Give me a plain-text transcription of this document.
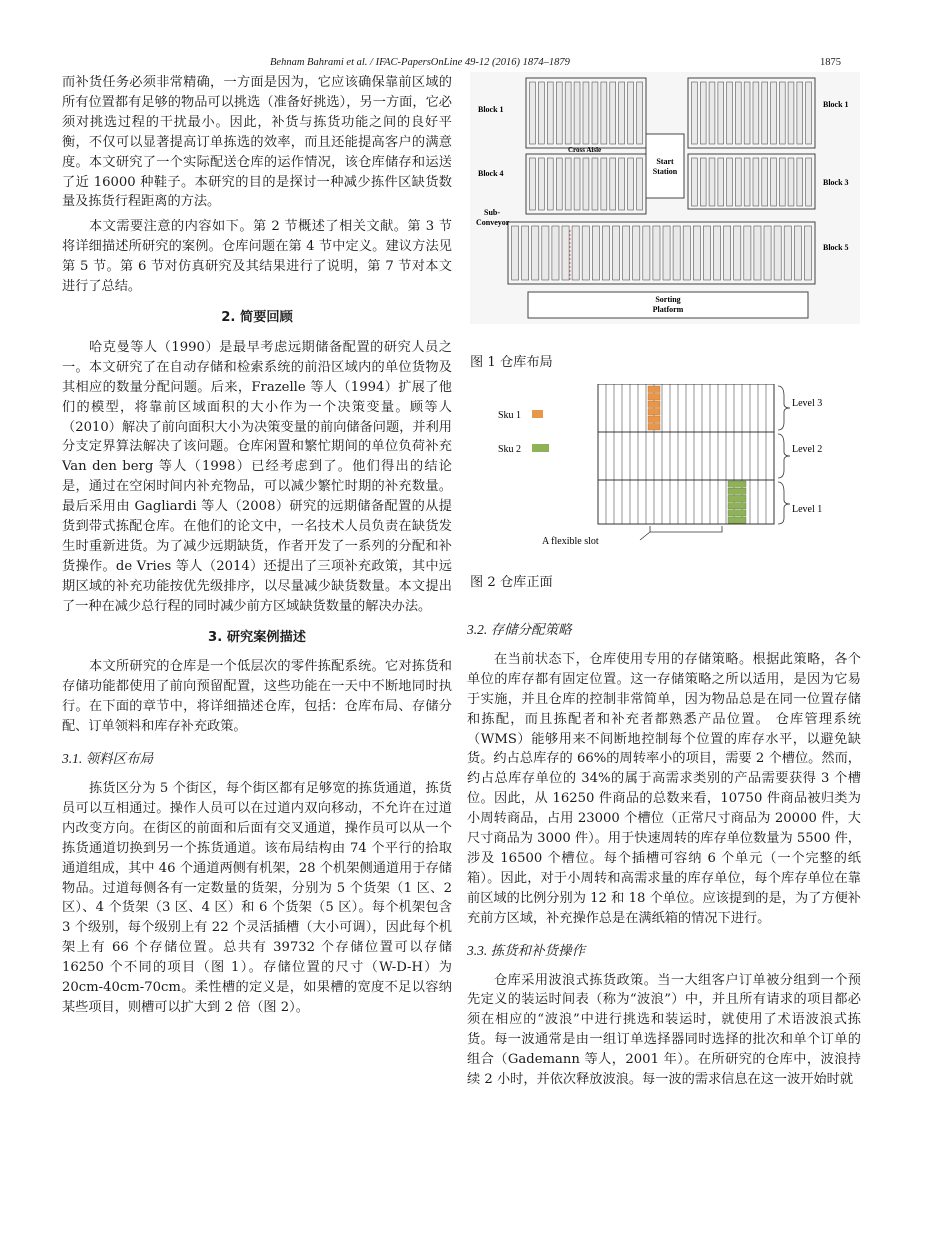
Behnam Bahrami et al. / IFAC-PapersOnLine 49-12 (2016) 1874–1879	1875

而补货任务必须非常精确，一方面是因为，它应该确保靠前区域的所有位置都有足够的物品可以挑选（准备好挑选），另一方面，它必须对挑选过程的干扰最小。因此，补货与拣货功能之间的良好平衡，不仅可以显著提高订单拣选的效率，而且还能提高客户的满意度。本文研究了一个实际配送仓库的运作情况，该仓库储存和运送了近 16000 种鞋子。本研究的目的是探讨一种减少拣件区缺货数量及拣货行程距离的方法。

本文需要注意的内容如下。第 2 节概述了相关文献。第 3 节将详细描述所研究的案例。仓库问题在第 4 节中定义。建议方法见第 5 节。第 6 节对仿真研究及其结果进行了说明，第 7 节对本文进行了总结。

2. 简要回顾

哈克曼等人（1990）是最早考虑远期储备配置的研究人员之一。本文研究了在自动存储和检索系统的前沿区域内的单位货物及其相应的数量分配问题。后来，Frazelle 等人（1994）扩展了他们的模型，将靠前区域面积的大小作为一个决策变量。顾等人（2010）解决了前向面积大小为决策变量的前向储备问题，并利用分支定界算法解决了该问题。仓库闲置和繁忙期间的单位负荷补充 Van den berg 等人（1998）已经考虑到了。他们得出的结论是，通过在空闲时间内补充物品，可以减少繁忙时期的补充数量。最后采用由 Gagliardi 等人（2008）研究的远期储备配置的从提货到带式拣配仓库。在他们的论文中，一名技术人员负责在缺货发生时重新进货。为了减少远期缺货，作者开发了一系列的分配和补货操作。de Vries 等人（2014）还提出了三项补充政策，其中远期区域的补充功能按优先级排序，以尽量减少缺货数量。本文提出了一种在减少总行程的同时减少前方区域缺货数量的解决办法。

3. 研究案例描述

本文所研究的仓库是一个低层次的零件拣配系统。它对拣货和存储功能都使用了前向预留配置，这些功能在一天中不断地同时执行。在下面的章节中，将详细描述仓库，包括：仓库布局、存储分配、订单领料和库存补充政策。

3.1. 领料区布局

拣货区分为 5 个街区，每个街区都有足够宽的拣货通道，拣货员可以互相通过。操作人员可以在过道内双向移动，不允许在过道内改变方向。在街区的前面和后面有交叉通道，操作员可以从一个拣货通道切换到另一个拣货通道。该布局结构由 74 个平行的拾取通道组成，其中 46 个通道两侧有机架，28 个机架侧通道用于存储物品。过道每侧各有一定数量的货架，分别为 5 个货架（1 区、2 区）、4 个货架（3 区、4 区）和 6 个货架（5 区）。每个机架包含 3 个级别，每个级别上有 22 个灵活插槽（大小可调），因此每个机架上有 66 个存储位置。总共有 39732 个存储位置可以存储 16250 个不同的项目（图 1）。存储位置的尺寸（W-D-H）为 20cm-40cm-70cm。柔性槽的定义是，如果槽的宽度不足以容纳某些项目，则槽可以扩大到 2 倍（图 2）。

Start Station
Block 1
Block 4
Block 1
Block 3
Block 5
Cross Aisle
Sub-Conveyor
Sorting Platform
图 1 仓库布局
Sku 1
Sku 2
Level 3
Level 2
Level 1
A flexible slot
图 2 仓库正面
3.2. 存储分配策略

在当前状态下，仓库使用专用的存储策略。根据此策略，各个单位的库存都有固定位置。这一存储策略之所以适用，是因为它易于实施，并且仓库的控制非常简单，因为物品总是在同一位置存储和拣配，而且拣配者和补充者都熟悉产品位置。 仓库管理系统（WMS）能够用来不间断地控制每个位置的库存水平，以避免缺货。约占总库存的 66%的周转率小的项目，需要 2 个槽位。然而，约占总库存单位的 34%的属于高需求类别的产品需要获得 3 个槽位。因此，从 16250 件商品的总数来看，10750 件商品被归类为小周转商品，占用 23000 个槽位（正常尺寸商品为 20000 件，大尺寸商品为 3000 件）。用于快速周转的库存单位数量为 5500 件，涉及 16500 个槽位。每个插槽可容纳 6 个单元（一个完整的纸箱）。因此，对于小周转和高需求量的库存单位，每个库存单位在靠前区域的比例分别为 12 和 18 个单位。应该提到的是，为了方便补充前方区域，补充操作总是在满纸箱的情况下进行。

3.3. 拣货和补货操作

仓库采用波浪式拣货政策。当一大组客户订单被分组到一个预先定义的装运时间表（称为“波浪”）中，并且所有请求的项目都必须在相应的“波浪”中进行挑选和装运时，就使用了术语波浪式拣货。每一波通常是由一组订单选择器同时选择的批次和单个订单的组合（Gademann 等人，2001 年）。在所研究的仓库中，波浪持续 2 小时，并依次释放波浪。每一波的需求信息在这一波开始时就
